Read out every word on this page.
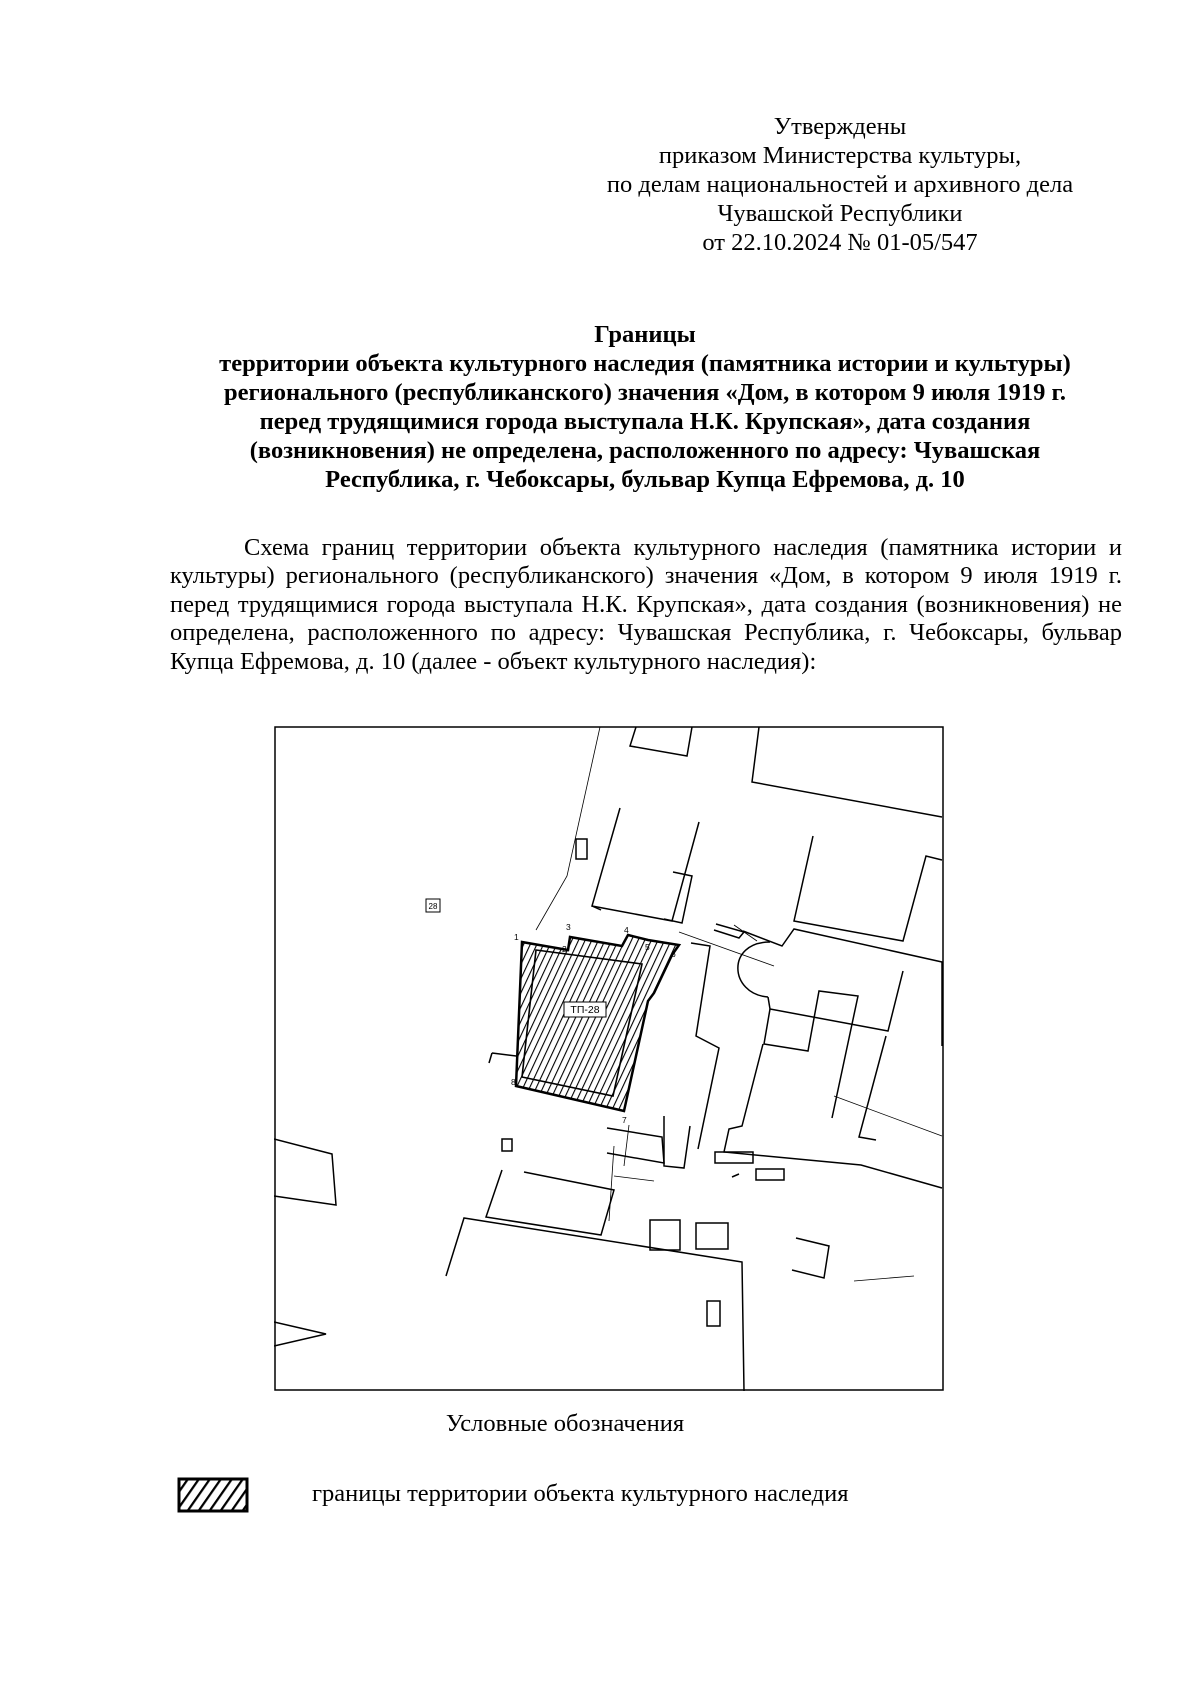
Утверждены
приказом Министерства культуры,
по делам национальностей и архивного дела
Чувашской Республики
от 22.10.2024 № 01-05/547
Границы
территории объекта культурного наследия (памятника истории и культуры)
регионального (республиканского) значения «Дом, в котором 9 июля 1919 г.
перед трудящимися города выступала Н.К. Крупская», дата создания
(возникновения) не определена, расположенного по адресу: Чувашская
Республика, г. Чебоксары, бульвар Купца Ефремова, д. 10

Схема границ территории объекта культурного наследия (памятника истории и культуры) регионального (республиканского) значения «Дом, в котором 9 июля 1919 г. перед трудящимися города выступала Н.К. Крупская», дата создания (возникновения) не определена, расположенного по адресу: Чувашская Республика, г. Чебоксары, бульвар Купца Ефремова, д. 10 (далее - объект культурного наследия):

1
2
3	4
5
6
7
8
ТП-28
28
Условные обозначения
границы территории объекта культурного наследия
